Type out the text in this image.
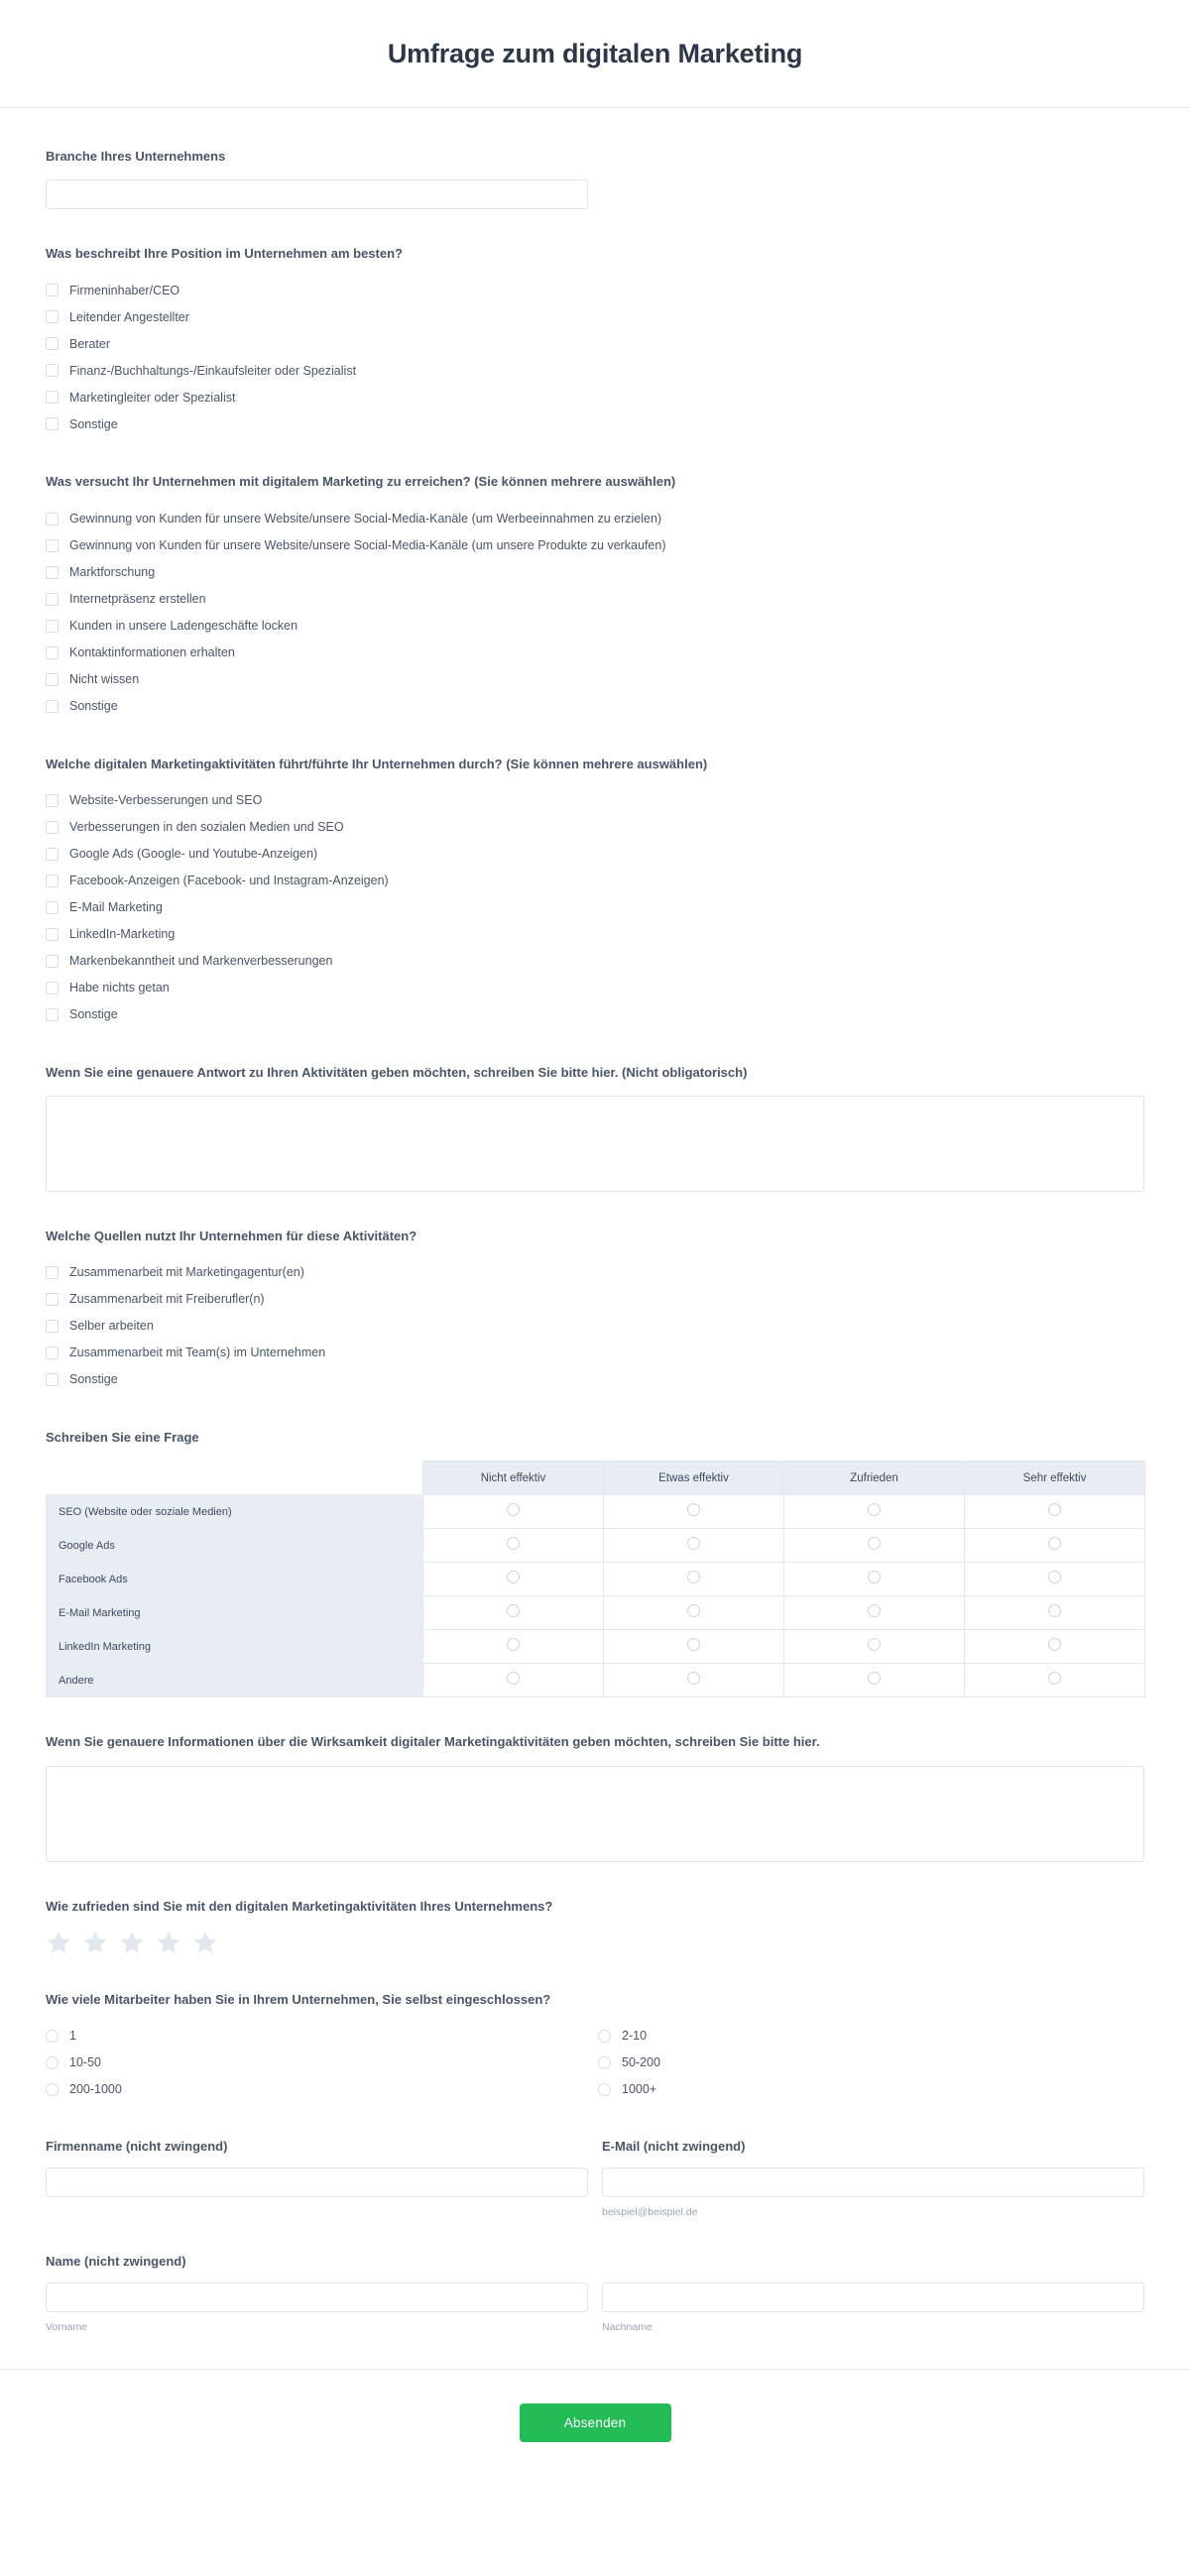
Umfrage zum digitalen Marketing
Branche Ihres Unternehmens
Was beschreibt Ihre Position im Unternehmen am besten?
Firmeninhaber/CEO
Leitender Angestellter
Berater
Finanz-/Buchhaltungs-/Einkaufsleiter oder Spezialist
Marketingleiter oder Spezialist
Sonstige
Was versucht Ihr Unternehmen mit digitalem Marketing zu erreichen? (Sie können mehrere auswählen)
Gewinnung von Kunden für unsere Website/unsere Social-Media-Kanäle (um Werbeeinnahmen zu erzielen)
Gewinnung von Kunden für unsere Website/unsere Social-Media-Kanäle (um unsere Produkte zu verkaufen)
Marktforschung
Internetpräsenz erstellen
Kunden in unsere Ladengeschäfte locken
Kontaktinformationen erhalten
Nicht wissen
Sonstige
Welche digitalen Marketingaktivitäten führt/führte Ihr Unternehmen durch? (Sie können mehrere auswählen)
Website-Verbesserungen und SEO
Verbesserungen in den sozialen Medien und SEO
Google Ads (Google- und Youtube-Anzeigen)
Facebook-Anzeigen (Facebook- und Instagram-Anzeigen)
E-Mail Marketing
LinkedIn-Marketing
Markenbekanntheit und Markenverbesserungen
Habe nichts getan
Sonstige
Wenn Sie eine genauere Antwort zu Ihren Aktivitäten geben möchten, schreiben Sie bitte hier. (Nicht obligatorisch)
Welche Quellen nutzt Ihr Unternehmen für diese Aktivitäten?
Zusammenarbeit mit Marketingagentur(en)
Zusammenarbeit mit Freiberufler(n)
Selber arbeiten
Zusammenarbeit mit Team(s) im Unternehmen
Sonstige
Schreiben Sie eine Frage
	Nicht effektiv	Etwas effektiv	Zufrieden	Sehr effektiv
SEO (Website oder soziale Medien)				
Google Ads				
Facebook Ads				
E-Mail Marketing				
LinkedIn Marketing				
Andere				
Wenn Sie genauere Informationen über die Wirksamkeit digitaler Marketingaktivitäten geben möchten, schreiben Sie bitte hier.
Wie zufrieden sind Sie mit den digitalen Marketingaktivitäten Ihres Unternehmens?
Wie viele Mitarbeiter haben Sie in Ihrem Unternehmen, Sie selbst eingeschlossen?
1	2-10
10-50	50-200
200-1000	1000+
Firmenname (nicht zwingend)	E-Mail (nicht zwingend)
beispiel@beispiel.de
Name (nicht zwingend)
Vorname	Nachname
Absenden
